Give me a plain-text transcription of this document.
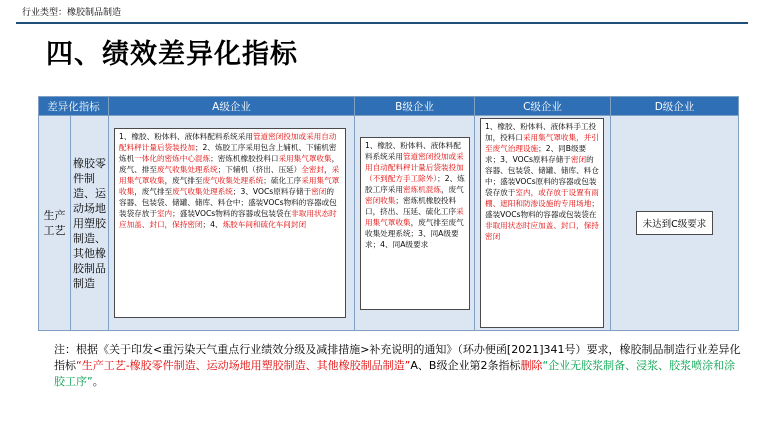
行业类型：橡胶制品制造
四、绩效差异化指标
差异化指标		A级企业	B级企业	C级企业	D级企业
生产工艺	橡胶零件制造、运动场地用塑胶制造、其他橡胶制品制造	1、橡胶、粉体料、液体料配料系统采用管道密闭投加或采用自动配料秤计量后袋装投加；2、炼胶工序采用包含上辅机、下辅机密炼机一体化的密炼中心混炼；密炼机橡胶投料口采用集气罩收集，废气、排至废气收集处理系统；下辅机（挤出、压延）全密封，采用集气罩收集，废气排至废气收集处理系统；硫化工序采用集气罩收集，废气排至废气收集处理系统；3、VOCs原料存储于密闭的容器、包装袋、储罐、储库、料仓中；盛装VOCs物料的容器或包装袋存放于室内；盛装VOCs物料的容器或包装袋在非取用状态时应加盖、封口，保持密闭；4、炼胶车间和硫化车间封闭	1、橡胶、粉体料、液体料配料系统采用管道密闭投加或采用自动配料秤计量后袋装投加（不到配方手工除外）；2、炼胶工序采用密炼机混炼，废气密闭收集；密炼机橡胶投料口，挤出、压延、硫化工序采用集气罩收集，废气排至废气收集处理系统；3、同A级要求；4、同A级要求	1、橡胶、粉体料、液体料手工投加，投料口采用集气罩收集，并引至废气治理设施；2、同B级要求；3、VOCs原料存储于密闭的容器、包装袋、储罐、储库、料仓中；盛装VOCs原料的容器或包装袋存放于室内，或存放于设置有雨棚、遮阳和防渗设施的专用场地；盛装VOCs物料的容器或包装袋在非取用状态时应加盖、封口，保持密闭	未达到C级要求
注：根据《关于印发<重污染天气重点行业绩效分级及减排措施>补充说明的通知》（环办便函[2021]341号）要求，橡胶制品制造行业差异化指标“生产工艺-橡胶零件制造、运动场地用塑胶制造、其他橡胶制品制造”A、B级企业第2条指标删除“企业无胶浆制备、浸浆、胶浆喷涂和涂胶工序”。
